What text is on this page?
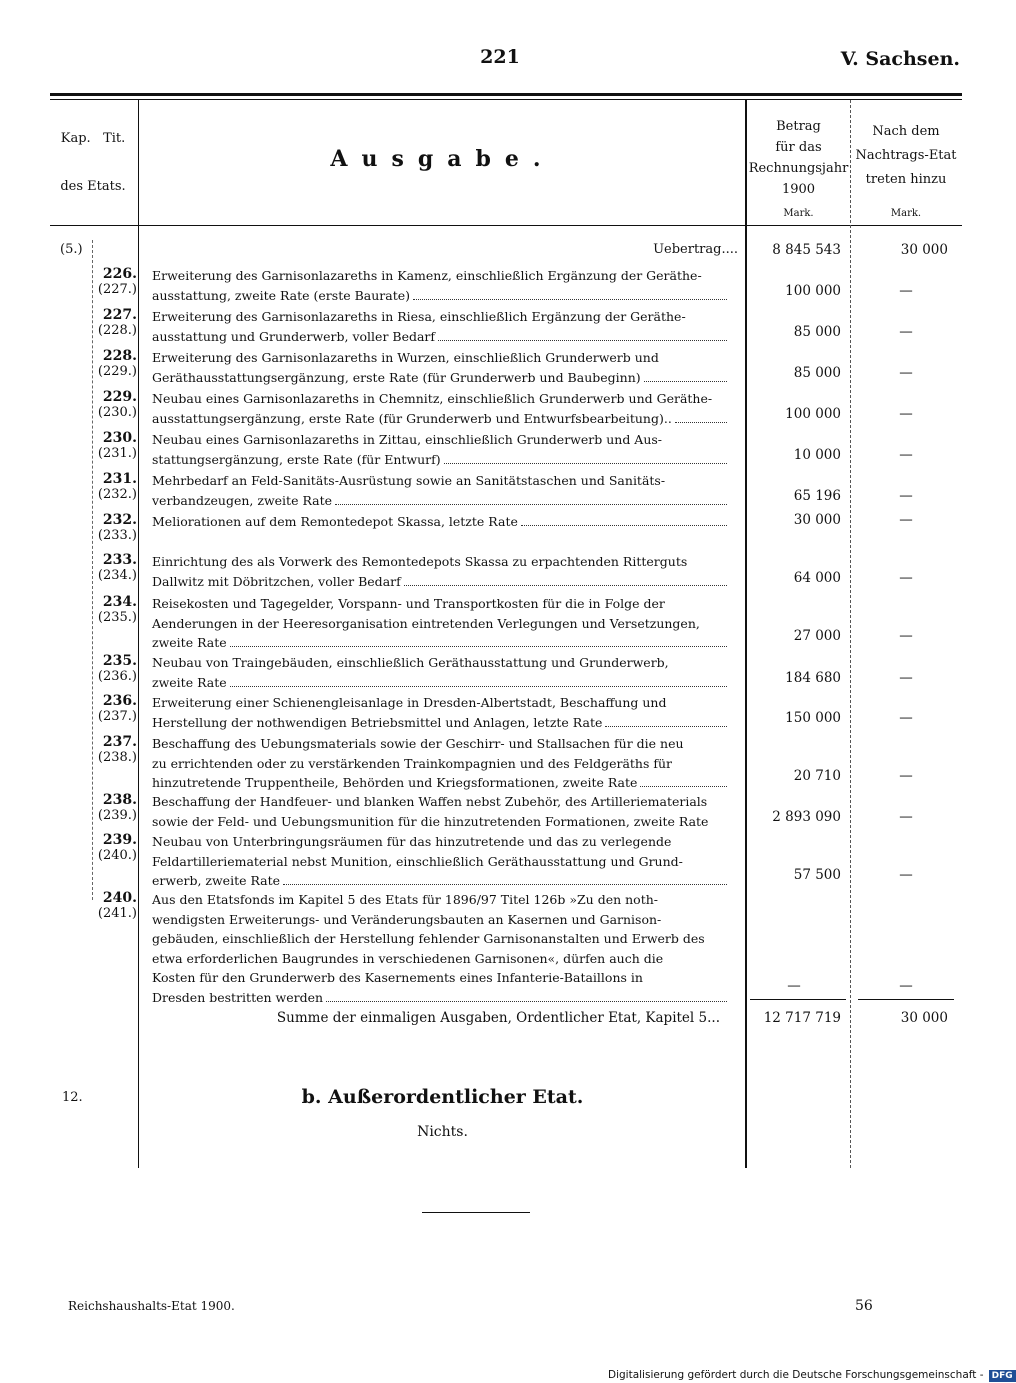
221	V. Sachsen.
Kap.   Tit.
des Etats.
Ausgabe.
Betrag
für das
Rechnungsjahr
1900
Nach dem
Nachtrags-Etat
treten hinzu
Mark.	Mark.
(5.)	Uebertrag....	8 845 543	30 000
226.
(227.)
Erweiterung des Garnisonlazareths in Kamenz, einschließlich Ergänzung der Geräthe-
ausstattung, zweite Rate (erste Baurate)	100 000	—
227.
(228.)
Erweiterung des Garnisonlazareths in Riesa, einschließlich Ergänzung der Geräthe-
ausstattung und Grunderwerb, voller Bedarf	85 000	—
228.
(229.)
Erweiterung des Garnisonlazareths in Wurzen, einschließlich Grunderwerb und
Geräthausstattungsergänzung, erste Rate (für Grunderwerb und Baubeginn)	85 000	—
229.
(230.)
Neubau eines Garnisonlazareths in Chemnitz, einschließlich Grunderwerb und Geräthe-
ausstattungsergänzung, erste Rate (für Grunderwerb und Entwurfsbearbeitung)..	100 000	—
230.
(231.)
Neubau eines Garnisonlazareths in Zittau, einschließlich Grunderwerb und Aus-
stattungsergänzung, erste Rate (für Entwurf)	10 000	—
231.
(232.)
Mehrbedarf an Feld-Sanitäts-Ausrüstung sowie an Sanitätstaschen und Sanitäts-
verbandzeugen, zweite Rate	65 196	—
232.
(233.)
Meliorationen auf dem Remontedepot Skassa, letzte Rate	30 000	—
233.
(234.)
Einrichtung des als Vorwerk des Remontedepots Skassa zu erpachtenden Ritterguts
Dallwitz mit Döbritzchen, voller Bedarf	64 000	—
234.
(235.)
Reisekosten und Tagegelder, Vorspann- und Transportkosten für die in Folge der
Aenderungen in der Heeresorganisation eintretenden Verlegungen und Versetzungen,
zweite Rate	27 000	—
235.
(236.)
Neubau von Traingebäuden, einschließlich Geräthausstattung und Grunderwerb,
zweite Rate	184 680	—
236.
(237.)
Erweiterung einer Schienengleisanlage in Dresden-Albertstadt, Beschaffung und
Herstellung der nothwendigen Betriebsmittel und Anlagen, letzte Rate	150 000	—
237.
(238.)
Beschaffung des Uebungsmaterials sowie der Geschirr- und Stallsachen für die neu
zu errichtenden oder zu verstärkenden Trainkompagnien und des Feldgeräths für
hinzutretende Truppentheile, Behörden und Kriegsformationen, zweite Rate	20 710	—
238.
(239.)
Beschaffung der Handfeuer- und blanken Waffen nebst Zubehör, des Artilleriematerials
sowie der Feld- und Uebungsmunition für die hinzutretenden Formationen, zweite Rate	2 893 090	—
239.
(240.)
Neubau von Unterbringungsräumen für das hinzutretende und das zu verlegende
Feldartilleriematerial nebst Munition, einschließlich Geräthausstattung und Grund-
erwerb, zweite Rate	57 500	—
240.
(241.)
Aus den Etatsfonds im Kapitel 5 des Etats für 1896/97 Titel 126b »Zu den noth-
wendigsten Erweiterungs- und Veränderungsbauten an Kasernen und Garnison-
gebäuden, einschließlich der Herstellung fehlender Garnisonanstalten und Erwerb des
etwa erforderlichen Baugrundes in verschiedenen Garnisonen«, dürfen auch die
Kosten für den Grunderwerb des Kasernements eines Infanterie-Bataillons in
Dresden bestritten werden
—	—
Summe der einmaligen Ausgaben, Ordentlicher Etat, Kapitel 5...	12 717 719	30 000
12.	b. Außerordentlicher Etat.
Nichts.
Reichshaushalts-Etat 1900.	56
Digitalisierung gefördert durch die Deutsche Forschungsgemeinschaft - DFG
